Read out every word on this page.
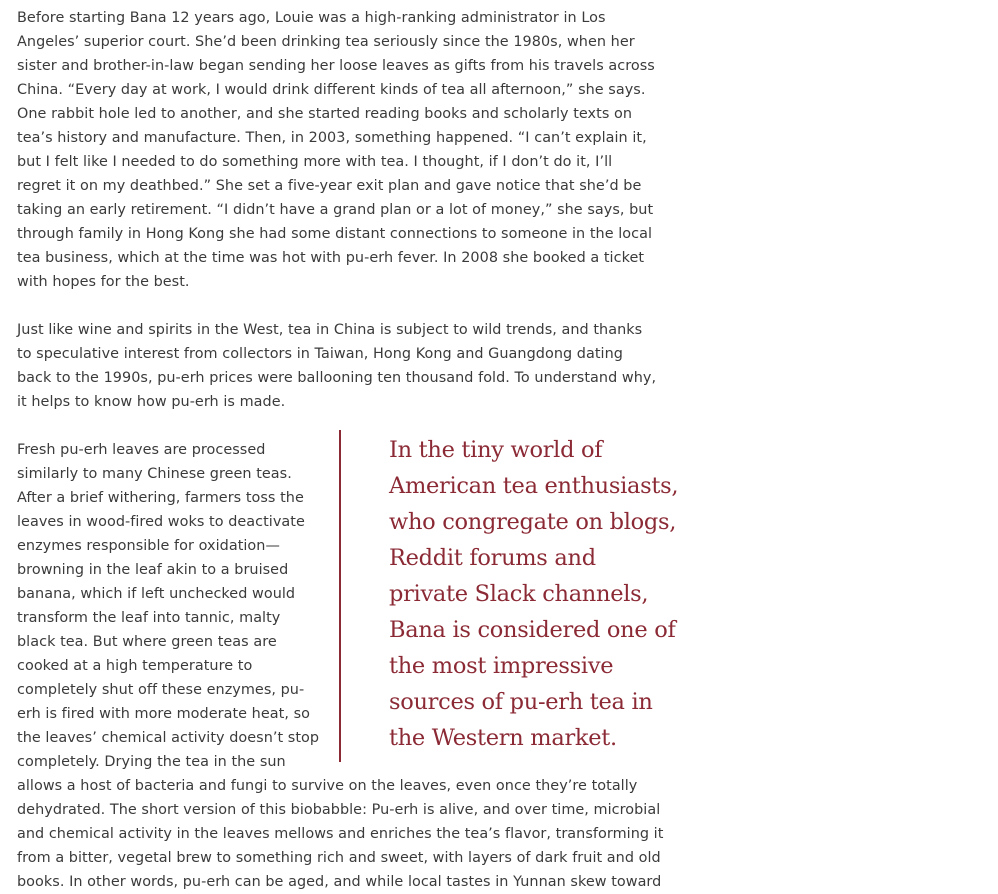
Before starting Bana 12 years ago, Louie was a high-ranking administrator in Los Angeles’ superior court. She’d been drinking tea seriously since the 1980s, when her sister and brother-in-law began sending her loose leaves as gifts from his travels across China. “Every day at work, I would drink different kinds of tea all afternoon,” she says. One rabbit hole led to another, and she started reading books and scholarly texts on tea’s history and manufacture. Then, in 2003, something happened. “I can’t explain it, but I felt like I needed to do something more with tea. I thought, if I don’t do it, I’ll regret it on my deathbed.” She set a five-year exit plan and gave notice that she’d be taking an early retirement. “I didn’t have a grand plan or a lot of money,” she says, but through family in Hong Kong she had some distant connections to someone in the local tea business, which at the time was hot with pu-erh fever. In 2008 she booked a ticket with hopes for the best.

Just like wine and spirits in the West, tea in China is subject to wild trends, and thanks to speculative interest from collectors in Taiwan, Hong Kong and Guangdong dating back to the 1990s, pu-erh prices were ballooning ten thousand fold. To understand why, it helps to know how pu-erh is made.

In the tiny world of American tea enthusiasts, who congregate on blogs, Reddit forums and private Slack channels, Bana is considered one of the most impressive sources of pu-erh tea in the Western market.
Fresh pu-erh leaves are processed similarly to many Chinese green teas. After a brief withering, farmers toss the leaves in wood-fired woks to deactivate enzymes responsible for oxidation—browning in the leaf akin to a bruised banana, which if left unchecked would transform the leaf into tannic, malty black tea. But where green teas are cooked at a high temperature to completely shut off these enzymes, pu-erh is fired with more moderate heat, so the leaves’ chemical activity doesn’t stop completely. Drying the tea in the sun allows a host of bacteria and fungi to survive on the leaves, even once they’re totally dehydrated. The short version of this biobabble: Pu-erh is alive, and over time, microbial and chemical activity in the leaves mellows and enriches the tea’s flavor, transforming it from a bitter, vegetal brew to something rich and sweet, with layers of dark fruit and old books. In other words, pu-erh can be aged, and while local tastes in Yunnan skew toward
